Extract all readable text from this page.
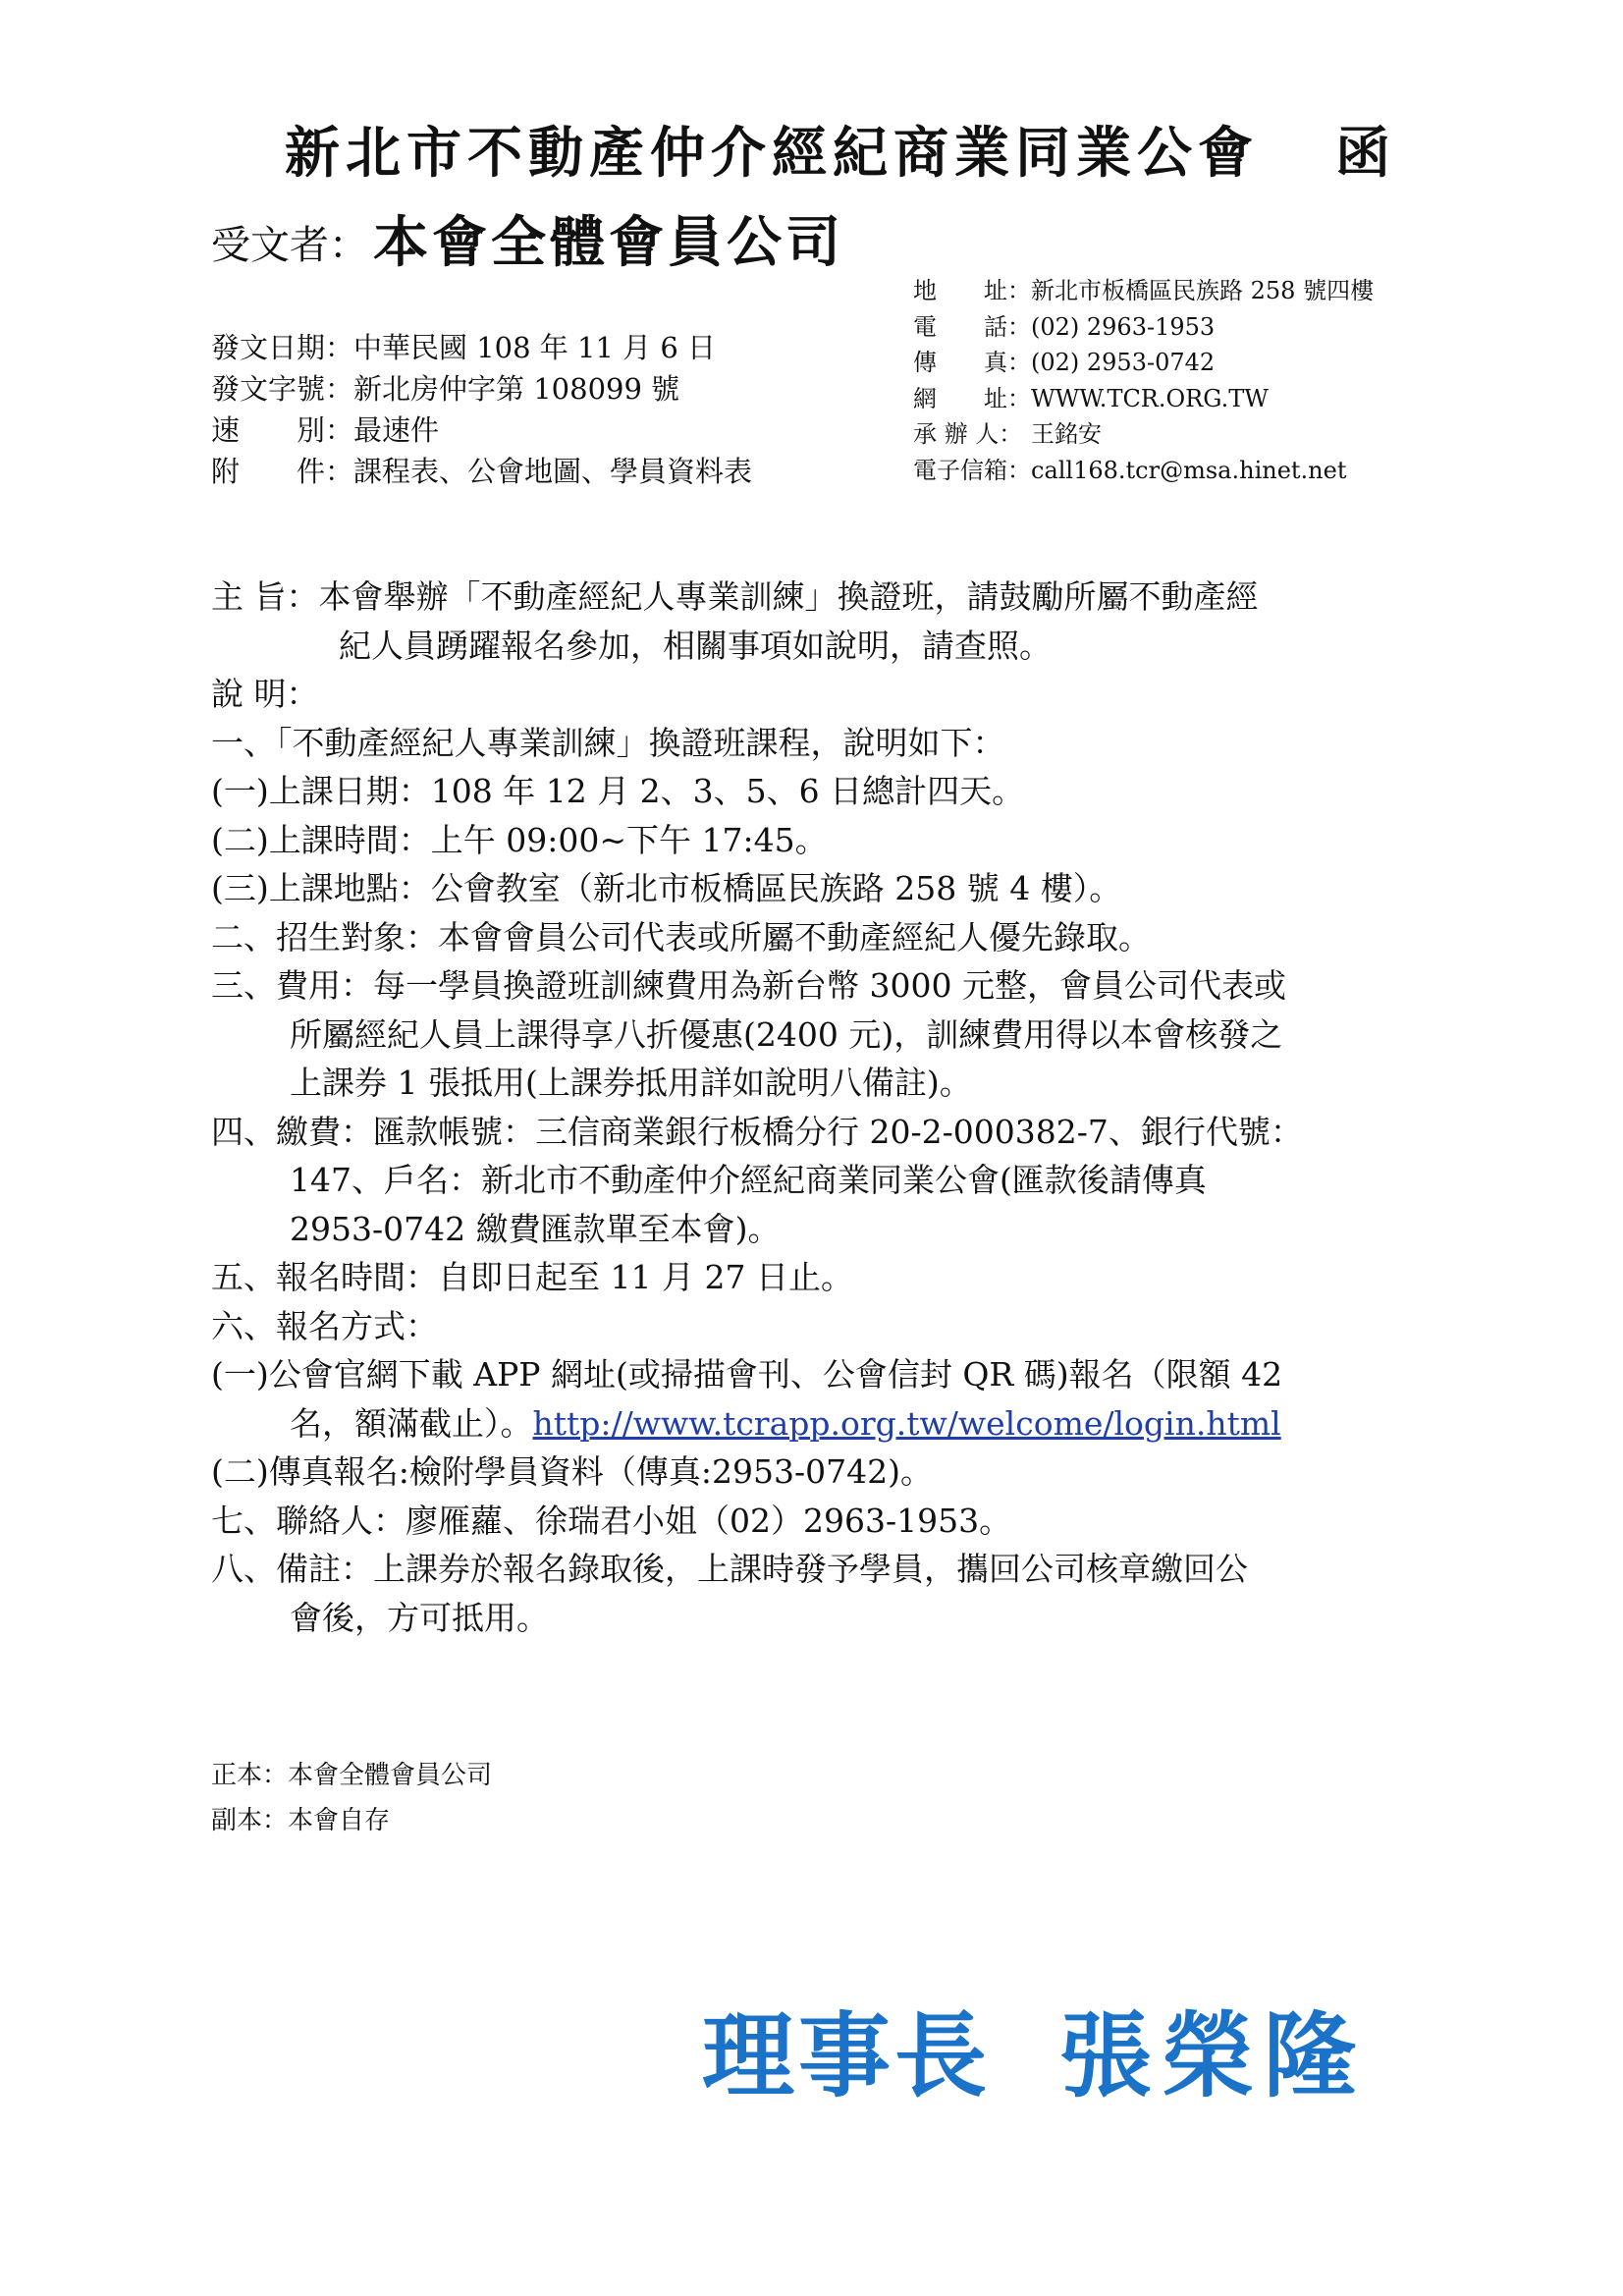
新北市不動產仲介經紀商業同業公會 函
受文者： 本會全體會員公司
地　　址： 新北市板橋區民族路 258 號四樓
電　　話： (02) 2963-1953
傳　　真： (02) 2953-0742
網　　址： WWW.TCR.ORG.TW
承 辦 人： 王銘安
電子信箱： call168.tcr@msa.hinet.net
發文日期： 中華民國 108 年 11 月 6 日
發文字號： 新北房仲字第 108099 號
速　　別： 最速件
附　　件： 課程表、公會地圖、學員資料表
主 旨：本會舉辦「不動產經紀人專業訓練」換證班，請鼓勵所屬不動產經
紀人員踴躍報名參加，相關事項如說明，請查照。
說 明：
一、「不動產經紀人專業訓練」換證班課程，說明如下：
(一)上課日期：108 年 12 月 2、3、5、6 日總計四天。
(二)上課時間：上午 09:00~下午 17:45。
(三)上課地點：公會教室（新北市板橋區民族路 258 號 4 樓）。
二、招生對象：本會會員公司代表或所屬不動產經紀人優先錄取。
三、費用：每一學員換證班訓練費用為新台幣 3000 元整，會員公司代表或
所屬經紀人員上課得享八折優惠(2400 元)，訓練費用得以本會核發之
上課券 1 張抵用(上課券抵用詳如說明八備註)。
四、繳費：匯款帳號：三信商業銀行板橋分行 20-2-000382-7、銀行代號：
147、戶名：新北市不動產仲介經紀商業同業公會(匯款後請傳真
2953-0742 繳費匯款單至本會)。
五、報名時間：自即日起至 11 月 27 日止。
六、報名方式：
(一)公會官網下載 APP 網址(或掃描會刊、公會信封 QR 碼)報名（限額 42
名，額滿截止）。http://www.tcrapp.org.tw/welcome/login.html
(二)傳真報名:檢附學員資料（傳真:2953-0742)。
七、聯絡人：廖雁蘿、徐瑞君小姐（02）2963-1953。
八、備註：上課券於報名錄取後，上課時發予學員，攜回公司核章繳回公
會後，方可抵用。
正本：本會全體會員公司
副本：本會自存
理事長 張榮隆
